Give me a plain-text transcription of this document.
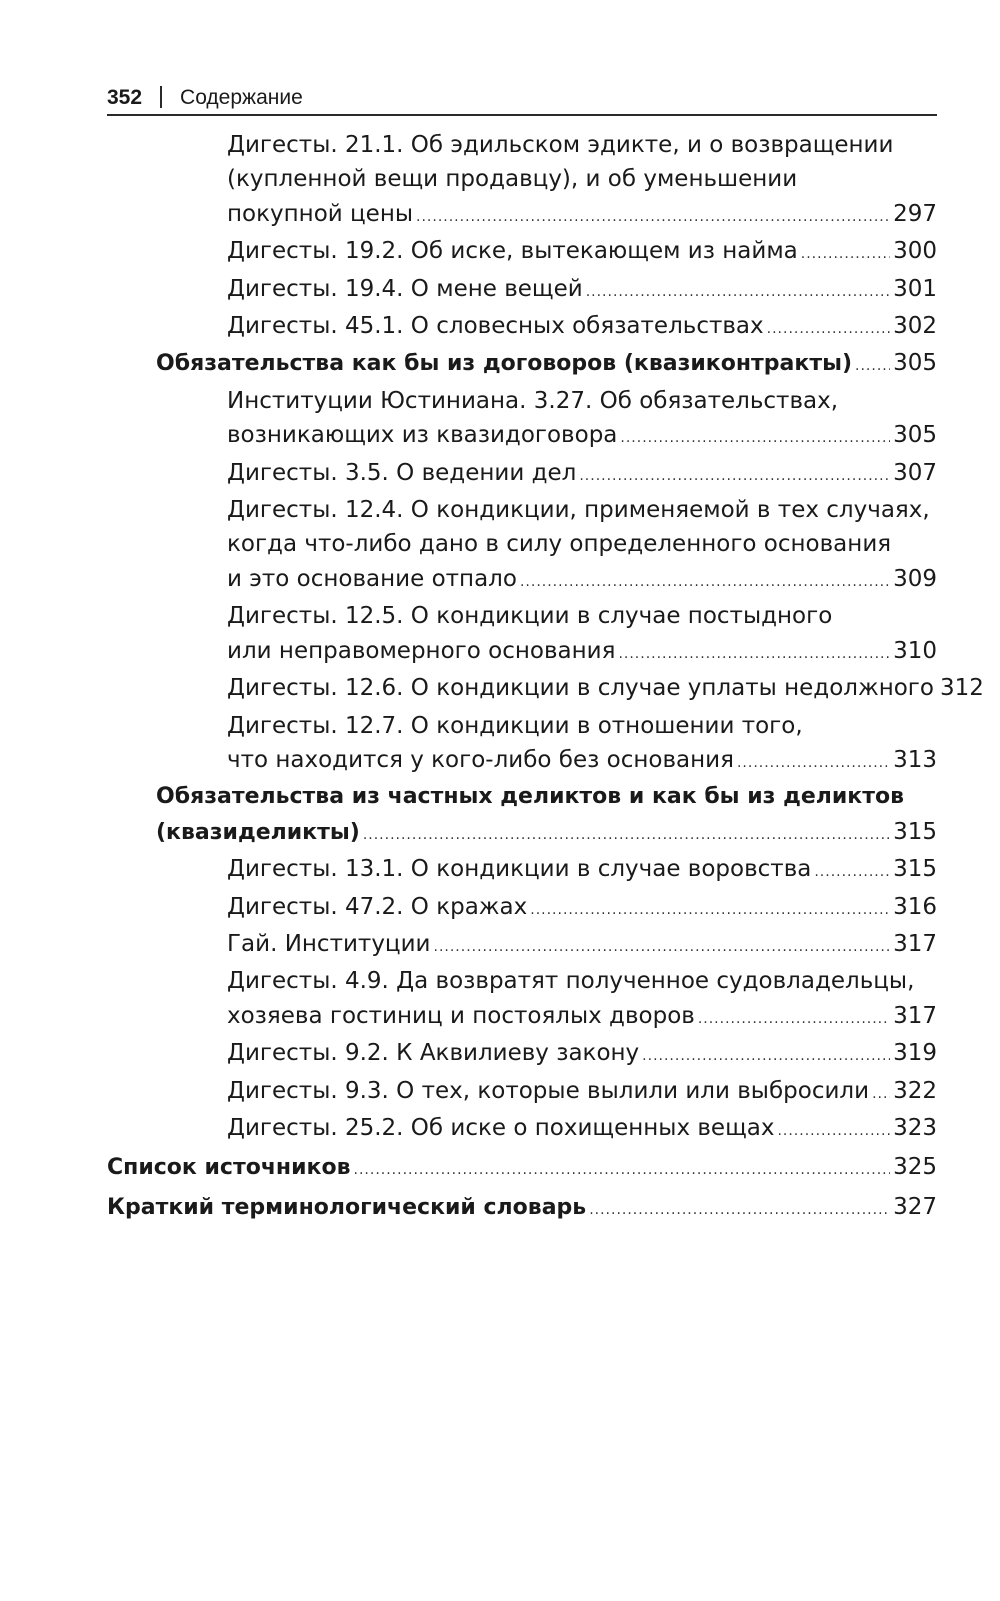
352 Содержание
Дигесты. 21.1. Об эдильском эдикте, и о возвращении
(купленной вещи продавцу), и об уменьшении
покупной цены .....	297
Дигесты. 19.2. Об иске, вытекающем из найма .....	300
Дигесты. 19.4. О мене вещей .....	301
Дигесты. 45.1. О словесных обязательствах .....	302
Обязательства как бы из договоров (квазиконтракты) ..... 305
Институции Юстиниана. 3.27. Об обязательствах,
возникающих из квазидоговора .....	305
Дигесты. 3.5. О ведении дел .....	307
Дигесты. 12.4. О кондикции, применяемой в тех случаях,
когда что-либо дано в силу определенного основания
и это основание отпало .....	309
Дигесты. 12.5. О кондикции в случае постыдного
или неправомерного основания .....	310
Дигесты. 12.6. О кондикции в случае уплаты недолжного 312
Дигесты. 12.7. О кондикции в отношении того,
что находится у кого-либо без основания .....	313
Обязательства из частных деликтов и как бы из деликтов
(квазиделикты) .....	315
Дигесты. 13.1. О кондикции в случае воровства .....	315
Дигесты. 47.2. О кражах .....	316
Гай. Институции .....	317
Дигесты. 4.9. Да возвратят полученное судовладельцы,
хозяева гостиниц и постоялых дворов .....	317
Дигесты. 9.2. К Аквилиеву закону .....	319
Дигесты. 9.3. О тех, которые вылили или выбросили ..... 322
Дигесты. 25.2. Об иске о похищенных вещах .....	323
Список источников .....	325
Краткий терминологический словарь .....	327
